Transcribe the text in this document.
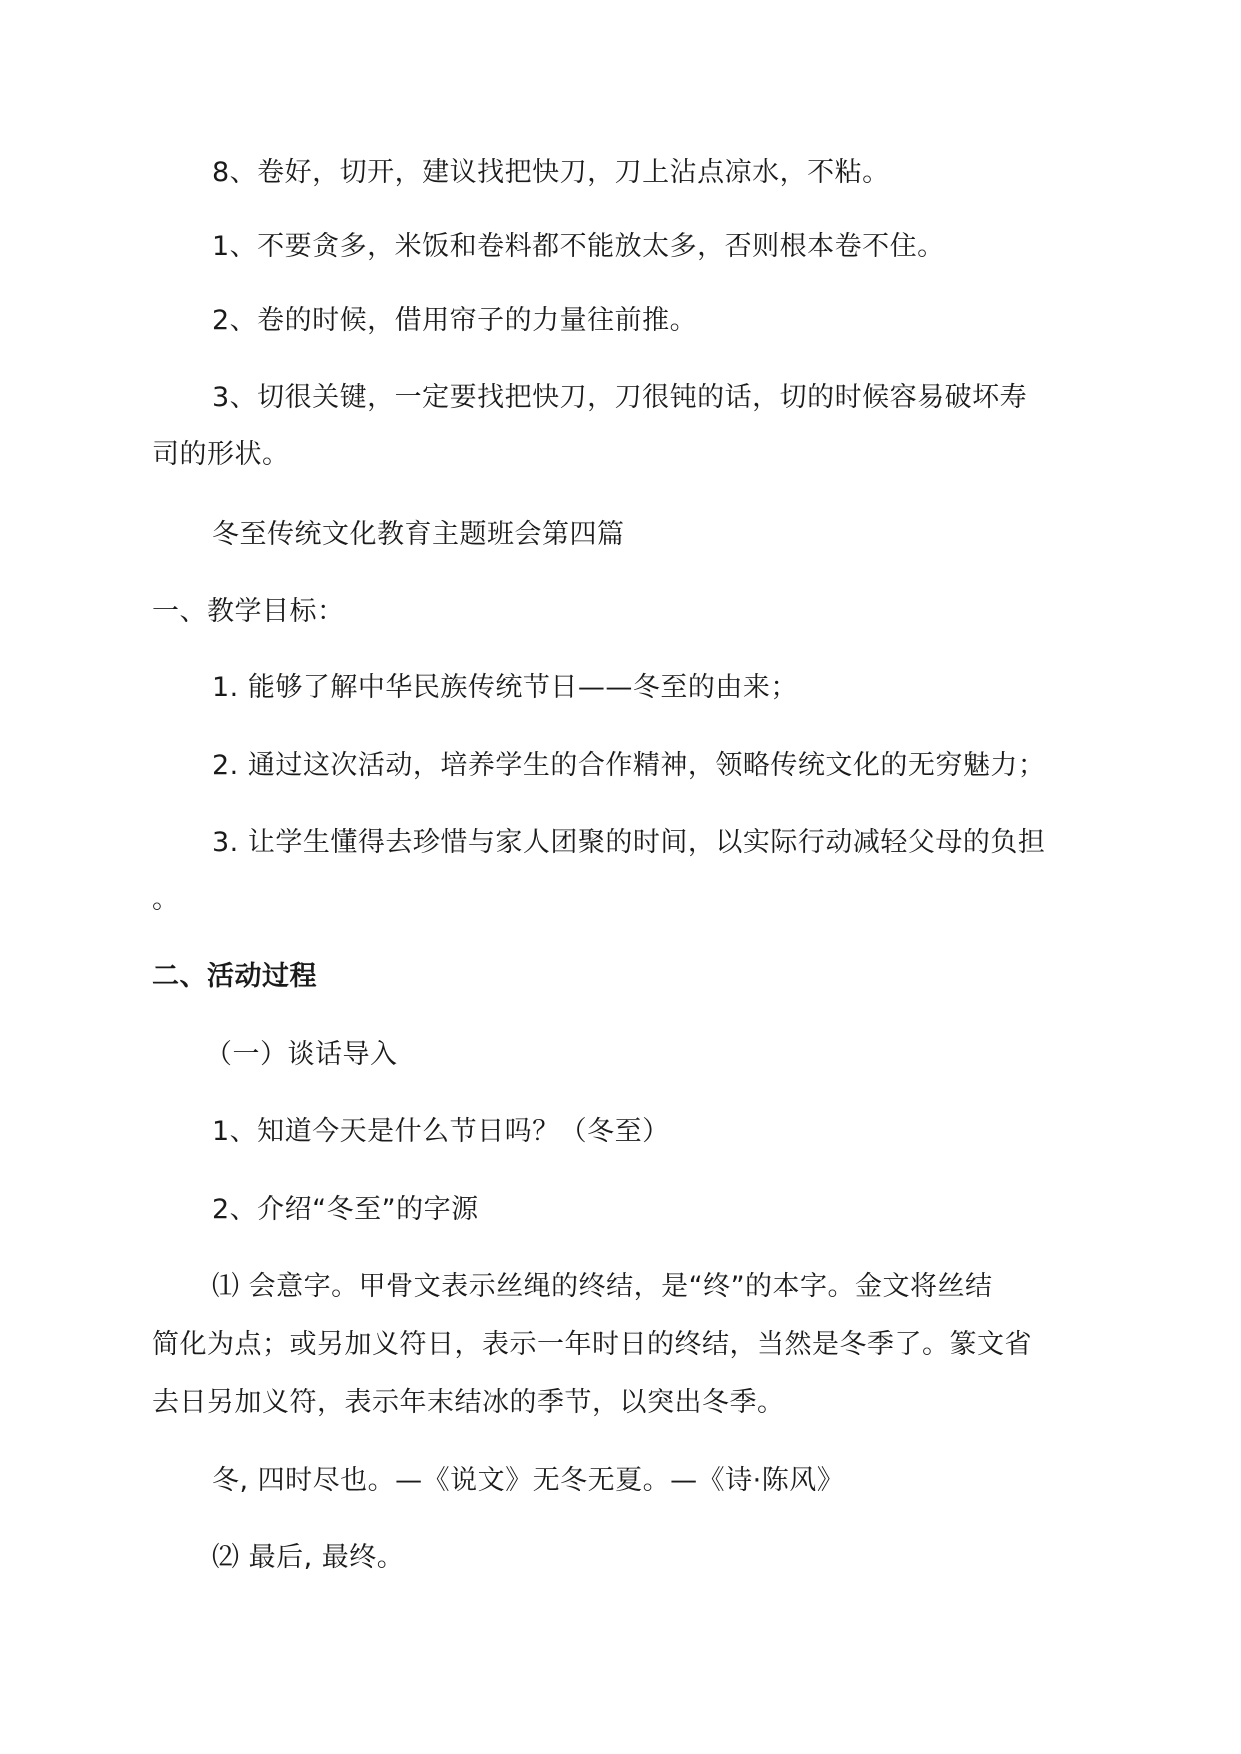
8、卷好，切开，建议找把快刀，刀上沾点凉水，不粘。
1、不要贪多，米饭和卷料都不能放太多，否则根本卷不住。
2、卷的时候，借用帘子的力量往前推。
3、切很关键，一定要找把快刀，刀很钝的话，切的时候容易破坏寿
司的形状。
冬至传统文化教育主题班会第四篇
一、教学目标：
1. 能够了解中华民族传统节日——冬至的由来；
2. 通过这次活动，培养学生的合作精神，领略传统文化的无穷魅力；
3. 让学生懂得去珍惜与家人团聚的时间，以实际行动减轻父母的负担
。
二、活动过程
（一）谈话导入
1、知道今天是什么节日吗？（冬至）
2、介绍“冬至”的字源
⑴ 会意字。甲骨文表示丝绳的终结，是“终”的本字。金文将丝结
简化为点；或另加义符日，表示一年时日的终结，当然是冬季了。篆文省
去日另加义符，表示年末结冰的季节，以突出冬季。
冬, 四时尽也。—《说文》无冬无夏。—《诗·陈风》
⑵ 最后, 最终。
